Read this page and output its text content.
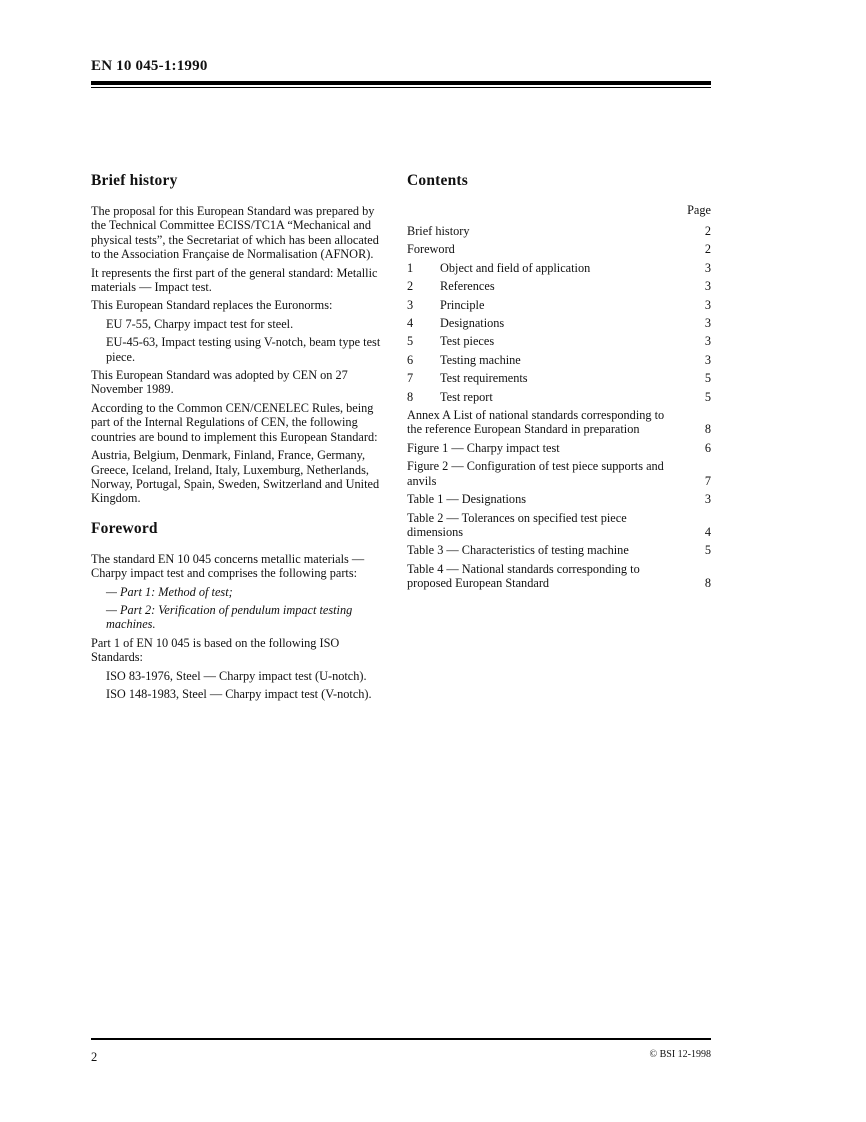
EN 10 045-1:1990
Brief history

The proposal for this European Standard was prepared by the Technical Committee ECISS/TC1A “Mechanical and physical tests”, the Secretariat of which has been allocated to the Association Française de Normalisation (AFNOR).

It represents the first part of the general standard: Metallic materials — Impact test.

This European Standard replaces the Euronorms:

EU 7-55, Charpy impact test for steel.

EU-45-63, Impact testing using V-notch, beam type test piece.

This European Standard was adopted by CEN on 27 November 1989.

According to the Common CEN/CENELEC Rules, being part of the Internal Regulations of CEN, the following countries are bound to implement this European Standard:

Austria, Belgium, Denmark, Finland, France, Germany, Greece, Iceland, Ireland, Italy, Luxemburg, Netherlands, Norway, Portugal, Spain, Sweden, Switzerland and United Kingdom.

Foreword

The standard EN 10 045 concerns metallic materials — Charpy impact test and comprises the following parts:

— Part 1: Method of test;

— Part 2: Verification of pendulum impact testing machines.

Part 1 of EN 10 045 is based on the following ISO Standards:

ISO 83-1976, Steel — Charpy impact test (U-notch).

ISO 148-1983, Steel — Charpy impact test (V-notch).

Contents
Page
Brief history	2
Foreword	2
1	Object and field of application	3
2	References	3
3	Principle	3
4	Designations	3
5	Test pieces	3
6	Testing machine	3
7	Test requirements	5
8	Test report	5
Annex A List of national standards corresponding to the reference European Standard in preparation	8
Figure 1 — Charpy impact test	6
Figure 2 — Configuration of test piece supports and anvils	7
Table 1 — Designations	3
Table 2 — Tolerances on specified test piece dimensions	4
Table 3 — Characteristics of testing machine	5
Table 4 — National standards corresponding to proposed European Standard	8
2	© BSI 12-1998
